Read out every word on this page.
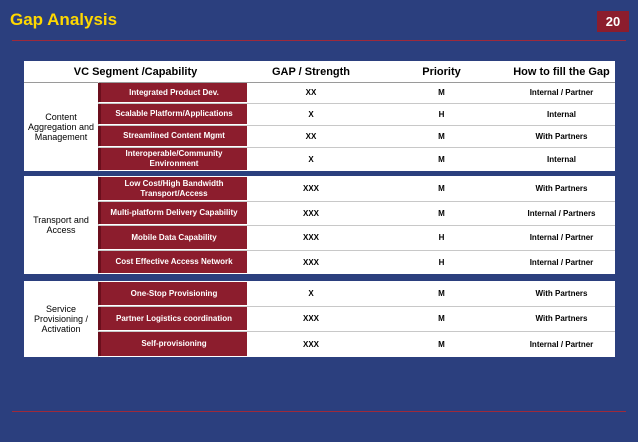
Gap Analysis	20
VC Segment /Capability	GAP / Strength	Priority	How to fill the Gap
Content Aggregation and Management
Integrated Product Dev.	XX	M	Internal / Partner
Scalable Platform/Applications	X	H	Internal
Streamlined Content Mgmt	XX	M	With Partners
Interoperable/Community Environment	X	M	Internal
Transport and Access
Low Cost/High Bandwidth Transport/Access	XXX	M	With Partners
Multi-platform Delivery Capability	XXX	M	Internal / Partners
Mobile Data Capability	XXX	H	Internal / Partner
Cost Effective Access Network	XXX	H	Internal / Partner
Service Provisioning / Activation
One-Stop Provisioning	X	M	With Partners
Partner Logistics coordination	XXX	M	With Partners
Self-provisioning	XXX	M	Internal / Partner
